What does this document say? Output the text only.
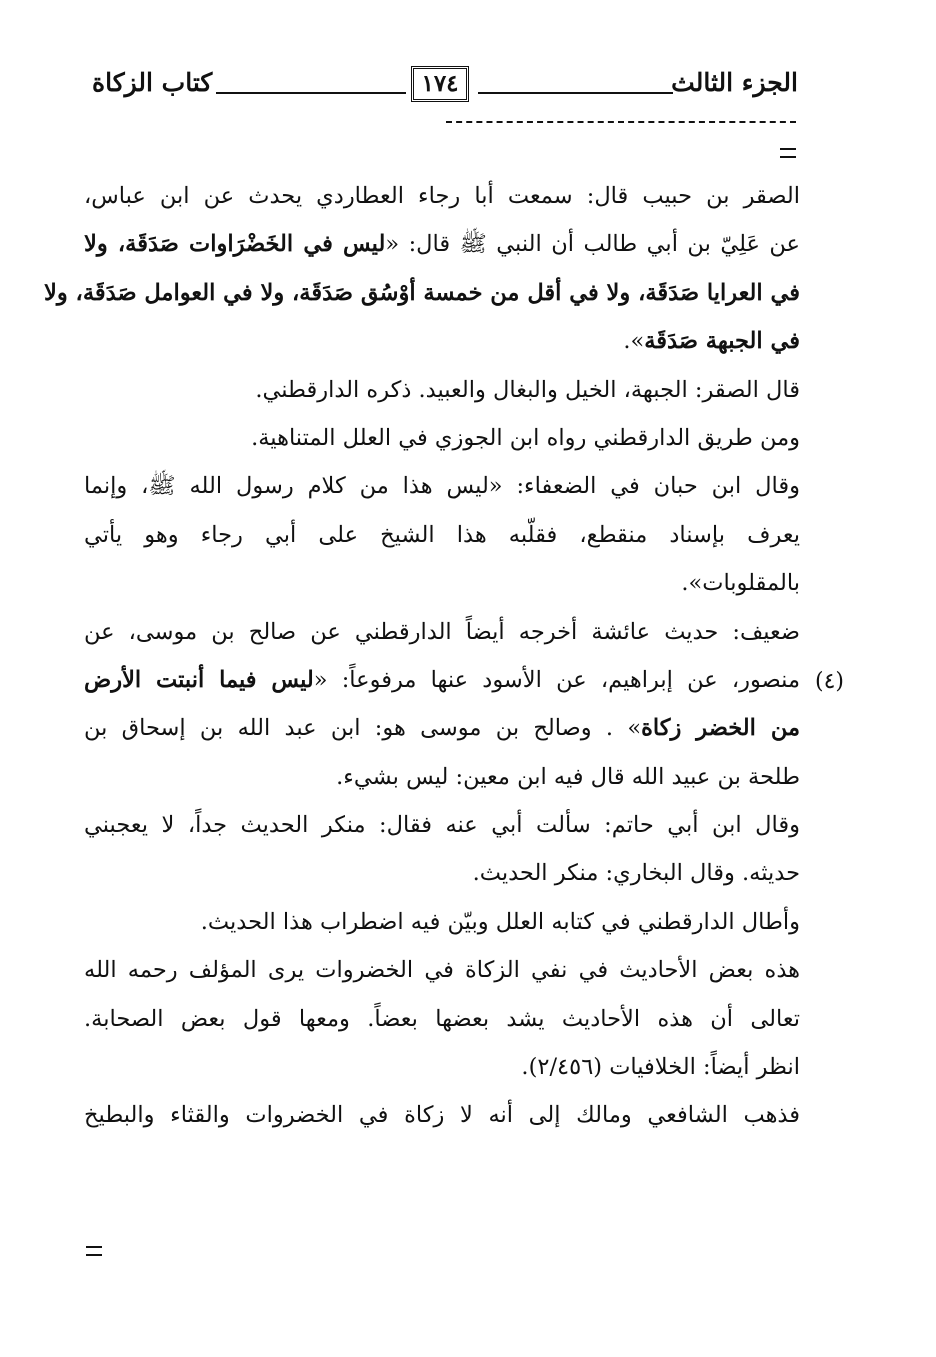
الجزء الثالث
١٧٤
كتاب الزكاة
(٤)
الصقر بن حبيب قال: سمعت أبا رجاء العطاردي يحدث عن ابن عباس،
عن عَلِيّ بن أبي طالب أن النبي ﷺ قال: «ليس في الخَضْرَاوات صَدَقَة، ولا
في العرايا صَدَقَة، ولا في أقل من خمسة أوْسُق صَدَقَة، ولا في العوامل صَدَقَة، ولا
في الجبهة صَدَقَة».
قال الصقر: الجبهة، الخيل والبغال والعبيد. ذكره الدارقطني.
ومن طريق الدارقطني رواه ابن الجوزي في العلل المتناهية.
وقال ابن حبان في الضعفاء: «ليس هذا من كلام رسول الله ﷺ، وإنما
يعرف بإسناد منقطع، فقلّبه هذا الشيخ على أبي رجاء وهو يأتي
بالمقلوبات».
ضعيف: حديث عائشة أخرجه أيضاً الدارقطني عن صالح بن موسى، عن
منصور، عن إبراهيم، عن الأسود عنها مرفوعاً: «ليس فيما أنبتت الأرض
من الخضر زكاة» . وصالح بن موسى هو: ابن عبد الله بن إسحاق بن
طلحة بن عبيد الله قال فيه ابن معين: ليس بشيء.
وقال ابن أبي حاتم: سألت أبي عنه فقال: منكر الحديث جداً، لا يعجبني
حديثه. وقال البخاري: منكر الحديث.
وأطال الدارقطني في كتابه العلل وبيّن فيه اضطراب هذا الحديث.
هذه بعض الأحاديث في نفي الزكاة في الخضروات يرى المؤلف رحمه الله
تعالى أن هذه الأحاديث يشد بعضها بعضاً. ومعها قول بعض الصحابة.
انظر أيضاً: الخلافيات (٢/٤٥٦).
فذهب الشافعي ومالك إلى أنه لا زكاة في الخضروات والقثاء والبطيخ
